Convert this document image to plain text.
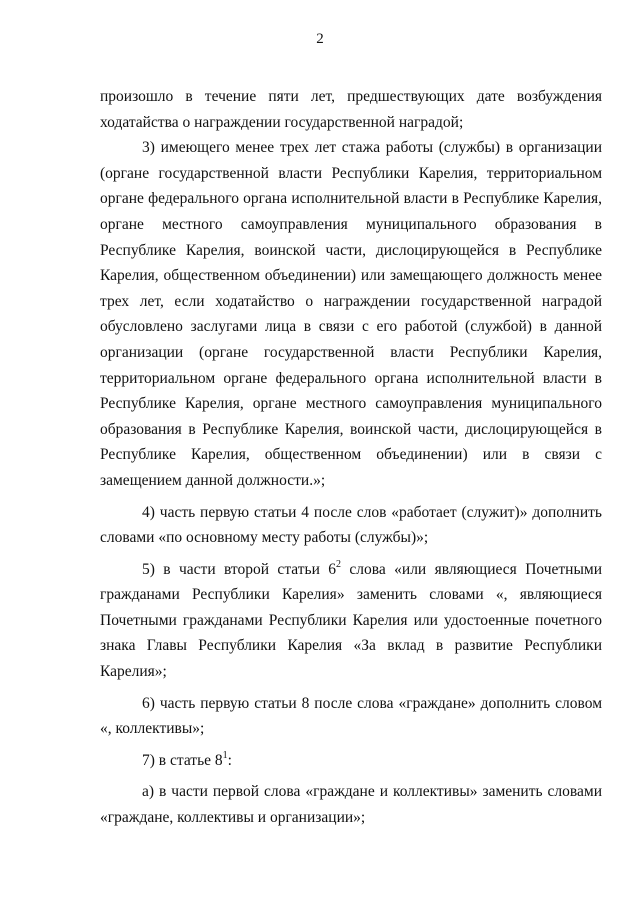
2

произошло в течение пяти лет, предшествующих дате возбуждения ходатайства о награждении государственной наградой;

3) имеющего менее трех лет стажа работы (службы) в организации (органе государственной власти Республики Карелия, территориальном органе федерального органа исполнительной власти в Республике Карелия, органе местного самоуправления муниципального образования в Республике Карелия, воинской части, дислоцирующейся в Республике Карелия, общественном объединении) или замещающего должность менее трех лет, если ходатайство о награждении государственной наградой обусловлено заслугами лица в связи с его работой (службой) в данной организации (органе государственной власти Республики Карелия, территориальном органе федерального органа исполнительной власти в Республике Карелия, органе местного самоуправления муниципального образования в Республике Карелия, воинской части, дислоцирующейся в Республике Карелия, общественном объединении) или в связи с замещением данной должности.»;

4) часть первую статьи 4 после слов «работает (служит)» дополнить словами «по основному месту работы (службы)»;

5) в части второй статьи $6^2$ слова «или являющиеся Почетными гражданами Республики Карелия» заменить словами «, являющиеся Почетными гражданами Республики Карелия или удостоенные почетного знака Главы Республики Карелия «За вклад в развитие Республики Карелия»;

6) часть первую статьи 8 после слова «граждане» дополнить словом «, коллективы»;

7) в статье $8^1$:

а) в части первой слова «граждане и коллективы» заменить словами «граждане, коллективы и организации»;
